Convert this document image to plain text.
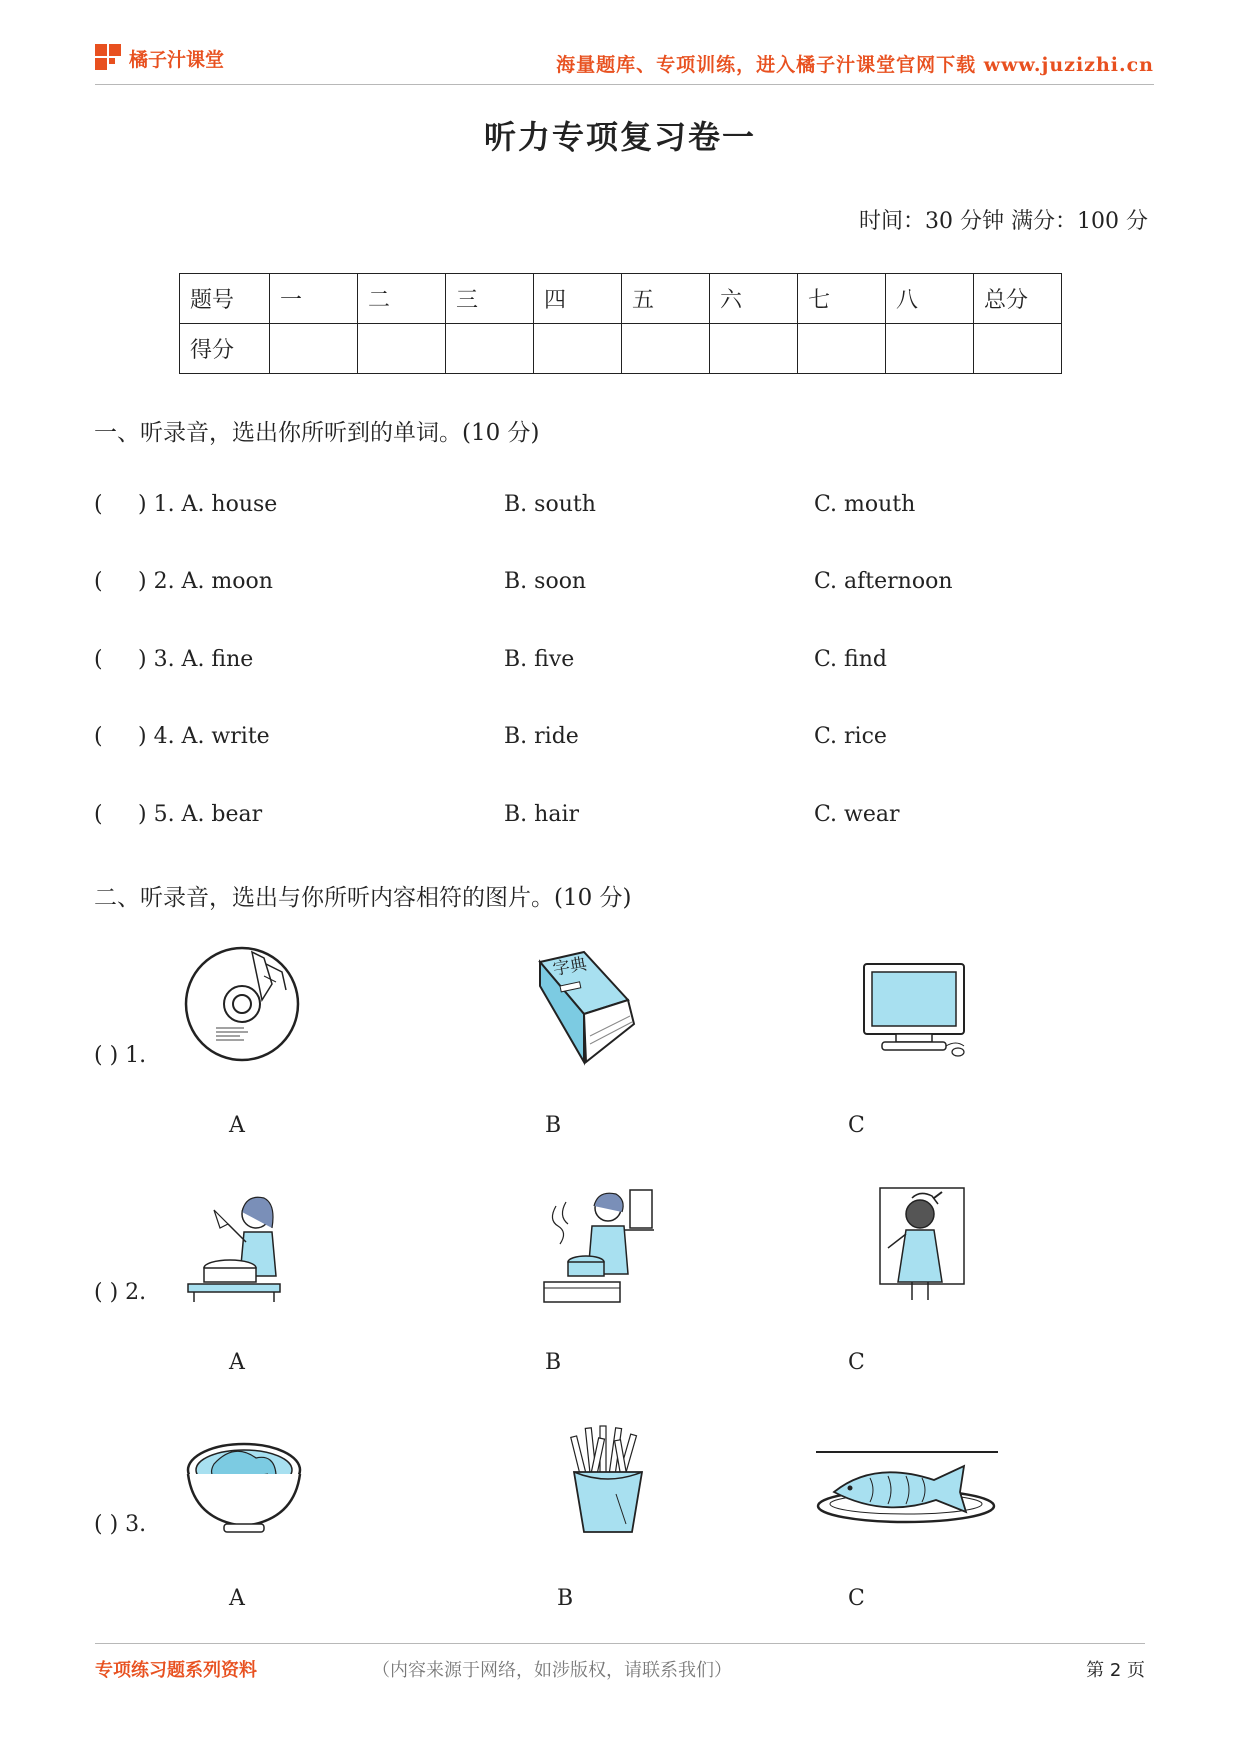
橘子汁课堂	海量题库、专项训练，进入橘子汁课堂官网下载 www.juzizhi.cn
听力专项复习卷一
时间：30 分钟 满分：100 分
题号	一	二	三	四	五	六	七	八	总分
得分									
一、听录音，选出你所听到的单词。(10 分)
( ) 1. A. house	B. south	C. mouth
( ) 2. A. moon	B. soon	C. afternoon
( ) 3. A. fine	B. five	C. find
( ) 4. A. write	B. ride	C. rice
( ) 5. A. bear	B. hair	C. wear
二、听录音，选出与你所听内容相符的图片。(10 分)
( ) 1.
字典
A	B	C
( ) 2.
A	B	C
( ) 3.
A	B	C
专项练习题系列资料	（内容来源于网络，如涉版权，请联系我们）	第 2 页
